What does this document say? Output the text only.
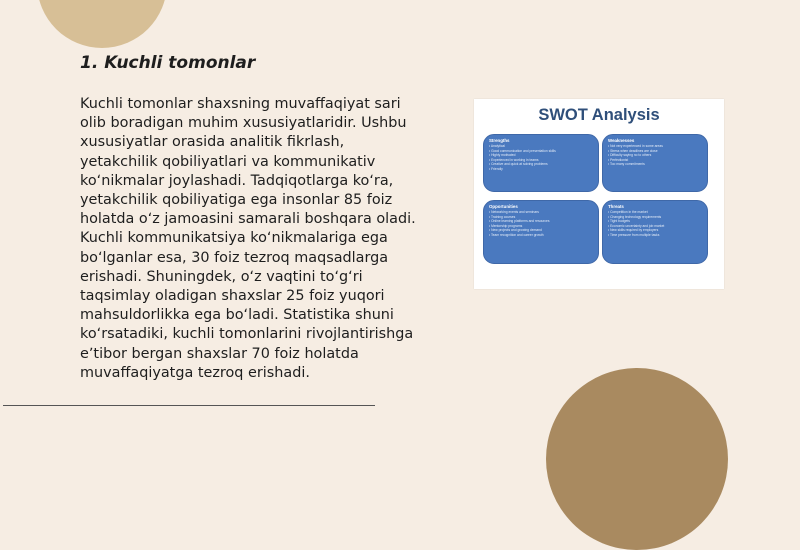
1. Kuchli tomonlar

Kuchli tomonlar shaxsning muvaffaqiyat sari olib boradigan muhim xususiyatlaridir. Ushbu xususiyatlar orasida analitik fikrlash, yetakchilik qobiliyatlari va kommunikativ koʻnikmalar joylashadi. Tadqiqotlarga koʻra, yetakchilik qobiliyatiga ega insonlar 85 foiz holatda oʻz jamoasini samarali boshqara oladi. Kuchli kommunikatsiya koʻnikmalariga ega boʻlganlar esa, 30 foiz tezroq maqsadlarga erishadi. Shuningdek, oʻz vaqtini toʻgʻri taqsimlay oladigan shaxslar 25 foiz yuqori mahsuldorlikka ega boʻladi. Statistika shuni koʻrsatadiki, kuchli tomonlarini rivojlantirishga eʼtibor bergan shaxslar 70 foiz holatda muvaffaqiyatga tezroq erishadi.

SWOT Analysis
Strengths
• Analytical
• Good communication and presentation skills
• Highly motivated
• Experienced in working in teams
• Creative and quick at solving problems
• Friendly
Weaknesses
• Not very experienced in some areas
• Stress when deadlines are close
• Difficulty saying no to others
• Perfectionist
• Too many commitments
Opportunities
• Networking events and seminars
• Training courses
• Online learning platforms and resources
• Mentorship programs
• New projects and growing demand
• Team recognition and career growth
Threats
• Competition in the market
• Changing technology requirements
• Tight budgets
• Economic uncertainty and job market
• New skills required by employers
• Time pressure from multiple tasks
